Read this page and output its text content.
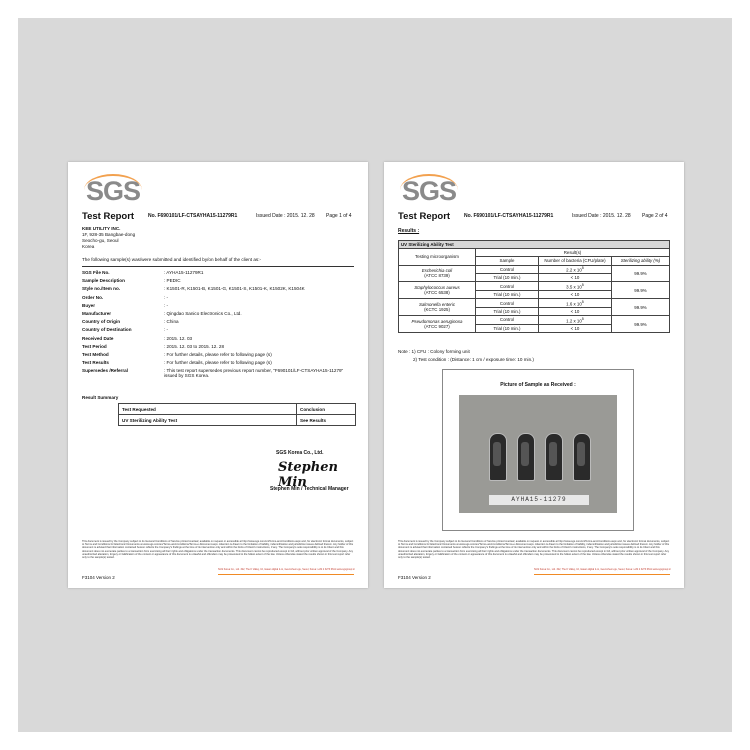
SGS
Test Report	No. F690101/LF-CTSAYHA15-11279R1	Issued Date : 2015. 12. 28 Page 1 of 4
KEE UTILITY INC.
1F, 928-35 Bangbae-dong
Seocho-gu, Seoul
Korea
The following sample(s) was/were submitted and identified by/on behalf of the client as:-
SGS File No.	: AYHA15-11279R1
Sample Description	: PEDIC
Style no./Item no.	: K1501-R, K1501-B, K1501-G, K1501-S, K1501-K, K1502K, K1504K
Order No.	: -
Buyer	: -
Manufacturer	: Qingdao Sanico Electronics Co., Ltd.
Country of Origin	: China
Country of Destination	: -
Received Date	: 2015. 12. 03
Test Period	: 2015. 12. 03 to 2015. 12. 28
Test Method	: For further details, please refer to following page (s)
Test Results	: For further details, please refer to following page (s)
Supersedes /Referral	: This test report supersedes previous report number, "F690101/LF-CTSAYHA15-11279" issued by SGS Korea.
Result Summary
Test Requested	Conclusion
UV Sterilizing Ability Test	See Results
SGS Korea Co., Ltd.
Stephen Min
Stephen Min / Technical Manager
This document is issued by the Company subject to its General Conditions of Service printed overleaf, available on request or accessible at http://www.sgs.com/en/Terms-and-Conditions.aspx and, for electronic format documents, subject to Terms and Conditions for Electronic Documents at www.sgs.com/en/Terms-and-Conditions/Terms-e-Document.aspx. Attention is drawn to the limitation of liability, indemnification and jurisdiction issues defined therein. Any holder of this document is advised that information contained hereon reflects the Company's findings at the time of its intervention only and within the limits of Client's instructions, if any. The Company's sole responsibility is to its Client and this document does not exonerate parties to a transaction from exercising all their rights and obligations under the transaction documents. This document cannot be reproduced except in full, without prior written approval of the Company. Any unauthorized alteration, forgery or falsification of the content or appearance of this document is unlawful and offenders may be prosecuted to the fullest extent of the law. Unless otherwise stated the results shown in this test report refer only to the sample(s) tested.
SGS Korea Co., Ltd. 322, The K Valley, 10, Gasan digital 2-ro, Geumcheon-gu, Seoul, Korea t +82 2 3273 6611 www.sgsgroup.kr
F3104 Version 2
SGS
Test Report	No. F690101/LF-CTSAYHA15-11279R1	Issued Date : 2015. 12. 28 Page 2 of 4
Results :
UV Sterilizing Ability Test			
Testing microorganism	Result(s)		
	Sample	Number of bacteria (CFU/plate)	Sterilizing ability (%)
Escherichia coli
(ATCC 8739)	Control	2.2 x $10^5$	99.9%
	Trial (10 min.)	< 10	
Staphylococcus aureus
(ATCC 6538)	Control	3.5 x $10^5$	99.9%
	Trial (10 min.)	< 10	
Salmonella enteric
(KCTC 1925)	Control	1.6 x $10^5$	99.9%
	Trial (10 min.)	< 10	
Pseudomonas aeruginosa
(ATCC 9027)	Control	1.2 x $10^5$	99.9%
	Trial (10 min.)	< 10	
Note : 1) CFU : Colony forming unit
2) Test condition : (Distance: 1 cm / exposure time: 10 min.)
Picture of Sample as Received :
AYHA15-11279
This document is issued by the Company subject to its General Conditions of Service printed overleaf, available on request or accessible at http://www.sgs.com/en/Terms-and-Conditions.aspx and, for electronic format documents, subject to Terms and Conditions for Electronic Documents at www.sgs.com/en/Terms-and-Conditions/Terms-e-Document.aspx. Attention is drawn to the limitation of liability, indemnification and jurisdiction issues defined therein. Any holder of this document is advised that information contained hereon reflects the Company's findings at the time of its intervention only and within the limits of Client's instructions, if any. The Company's sole responsibility is to its Client and this document does not exonerate parties to a transaction from exercising all their rights and obligations under the transaction documents. This document cannot be reproduced except in full, without prior written approval of the Company. Any unauthorized alteration, forgery or falsification of the content or appearance of this document is unlawful and offenders may be prosecuted to the fullest extent of the law. Unless otherwise stated the results shown in this test report refer only to the sample(s) tested.
SGS Korea Co., Ltd. 322, The K Valley, 10, Gasan digital 2-ro, Geumcheon-gu, Seoul, Korea t +82 2 3273 6611 www.sgsgroup.kr
F3104 Version 2
